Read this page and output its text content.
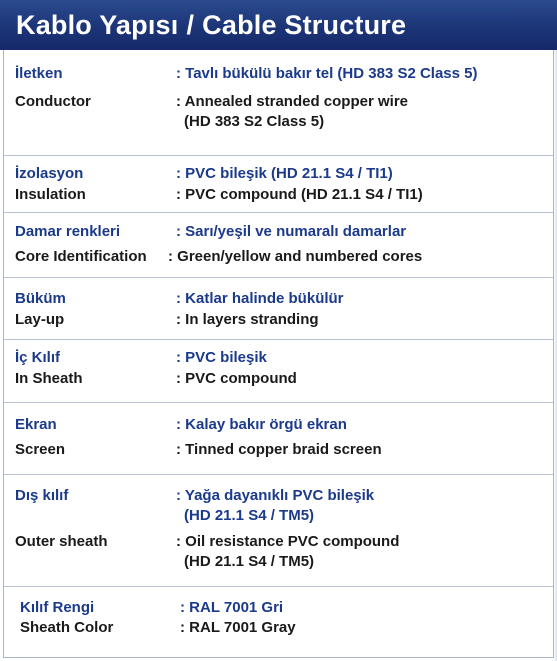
Kablo Yapısı / Cable Structure
İletken	: Tavlı bükülü bakır tel (HD 383 S2 Class 5)
Conductor	: Annealed stranded copper wire
(HD 383 S2 Class 5)
İzolasyon	: PVC bileşik (HD 21.1 S4 / TI1)
Insulation	: PVC compound (HD 21.1 S4 / TI1)
Damar renkleri	: Sarı/yeşil ve numaralı damarlar
Core Identification : Green/yellow and numbered cores
Büküm	: Katlar halinde bükülür
Lay-up	: In layers stranding
İç Kılıf	: PVC bileşik
In Sheath	: PVC compound
Ekran	: Kalay bakır örgü ekran
Screen	: Tinned copper braid screen
Dış kılıf	: Yağa dayanıklı PVC bileşik
(HD 21.1 S4 / TM5)
Outer sheath	: Oil resistance PVC compound
(HD 21.1 S4 / TM5)
Kılıf Rengi	: RAL 7001 Gri
Sheath Color	: RAL 7001 Gray
